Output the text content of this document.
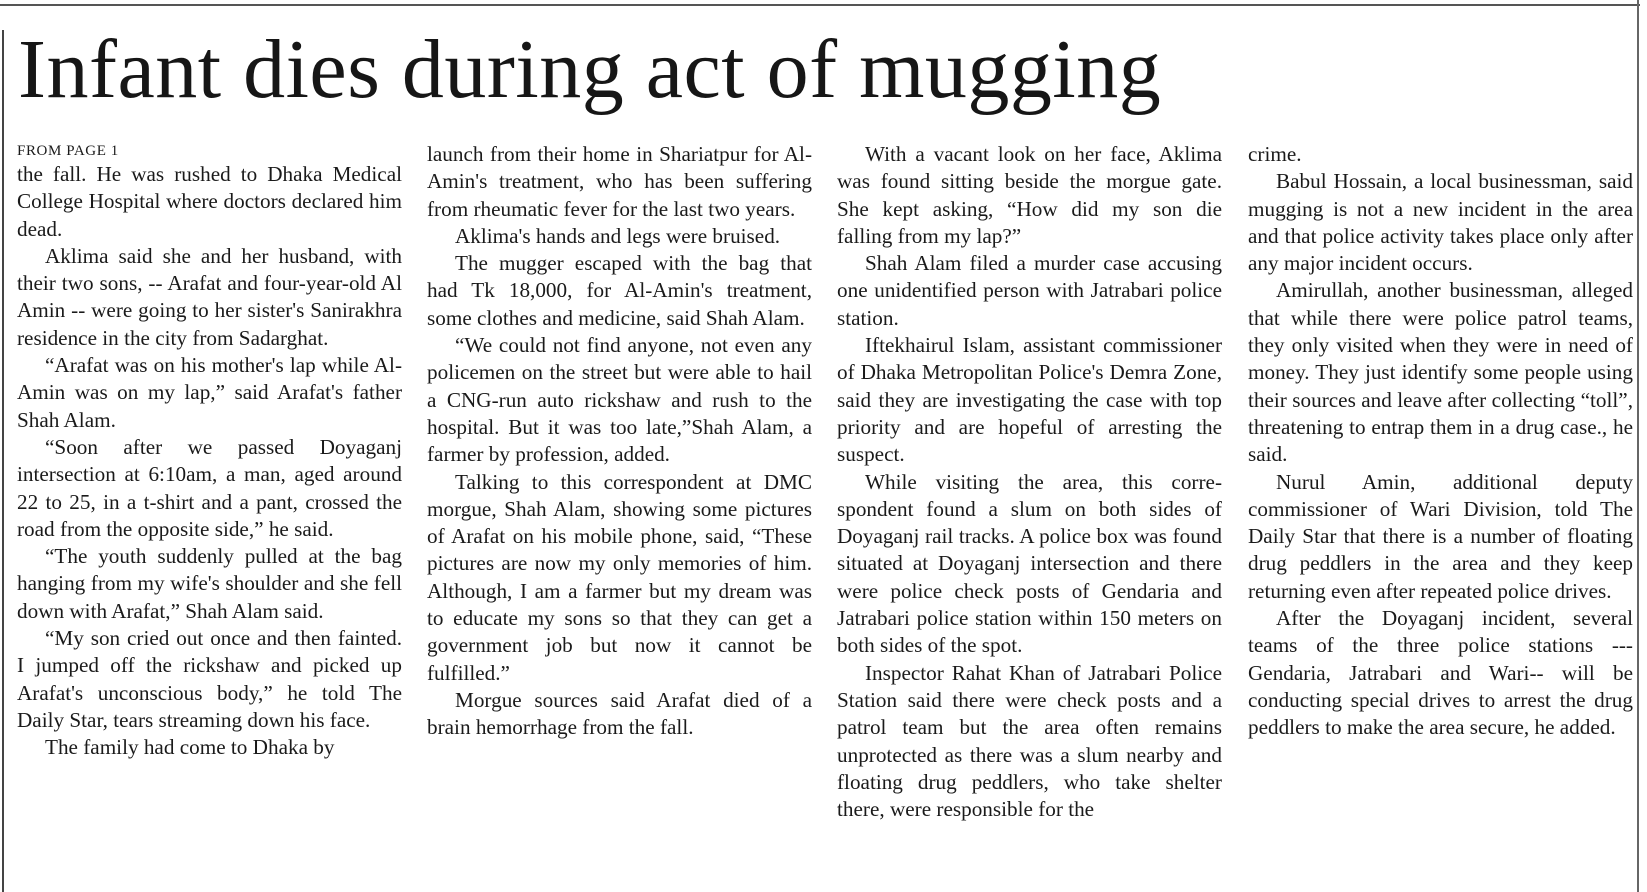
Infant dies during act of mugging
FROM PAGE 1

the fall. He was rushed to Dhaka Medical College Hospital where doctors declared him dead.

Aklima said she and her husband, with their two sons, -- Arafat and four-year-old Al Amin -- were going to her sister's Sanirakhra residence in the city from Sadarghat.

“Arafat was on his mother's lap while Al-Amin was on my lap,” said Arafat's father Shah Alam.

“Soon after we passed Doyaganj intersection at 6:10am, a man, aged around 22 to 25, in a t-shirt and a pant, crossed the road from the opposite side,” he said.

“The youth suddenly pulled at the bag hanging from my wife's shoulder and she fell down with Arafat,” Shah Alam said.

“My son cried out once and then fainted. I jumped off the rickshaw and picked up Arafat's unconscious body,” he told The Daily Star, tears streaming down his face.

The family had come to Dhaka by

launch from their home in Shariatpur for Al-Amin's treatment, who has been suffering from rheumatic fever for the last two years.

Aklima's hands and legs were bruised.

The mugger escaped with the bag that had Tk 18,000, for Al-Amin's treatment, some clothes and medicine, said Shah Alam.

“We could not find anyone, not even any policemen on the street but were able to hail a CNG-run auto rickshaw and rush to the hospital. But it was too late,”Shah Alam, a farmer by profession, added.

Talking to this correspondent at DMC morgue, Shah Alam, showing some pictures of Arafat on his mobile phone, said, “These pictures are now my only memories of him. Although, I am a farmer but my dream was to educate my sons so that they can get a government job but now it cannot be fulfilled.”

Morgue sources said Arafat died of a brain hemorrhage from the fall.

With a vacant look on her face, Aklima was found sitting beside the morgue gate. She kept asking, “How did my son die falling from my lap?”

Shah Alam filed a murder case accusing one unidentified person with Jatrabari police station.

Iftekhairul Islam, assistant commissioner of Dhaka Metropolitan Police's Demra Zone, said they are investigating the case with top priority and are hopeful of arresting the suspect.

While visiting the area, this correspondent found a slum on both sides of Doyaganj rail tracks. A police box was found situated at Doyaganj intersection and there were police check posts of Gendaria and Jatrabari police station within 150 meters on both sides of the spot.

Inspector Rahat Khan of Jatrabari Police Station said there were check posts and a patrol team but the area often remains unprotected as there was a slum nearby and floating drug peddlers, who take shelter there, were responsible for the

crime.

Babul Hossain, a local businessman, said mugging is not a new incident in the area and that police activity takes place only after any major incident occurs.

Amirullah, another businessman, alleged that while there were police patrol teams, they only visited when they were in need of money. They just identify some people using their sources and leave after collecting “toll”, threatening to entrap them in a drug case., he said.

Nurul Amin, additional deputy commissioner of Wari Division, told The Daily Star that there is a number of floating drug peddlers in the area and they keep returning even after repeated police drives.

After the Doyaganj incident, several teams of the three police stations --- Gendaria, Jatrabari and Wari-- will be conducting special drives to arrest the drug peddlers to make the area secure, he added.
